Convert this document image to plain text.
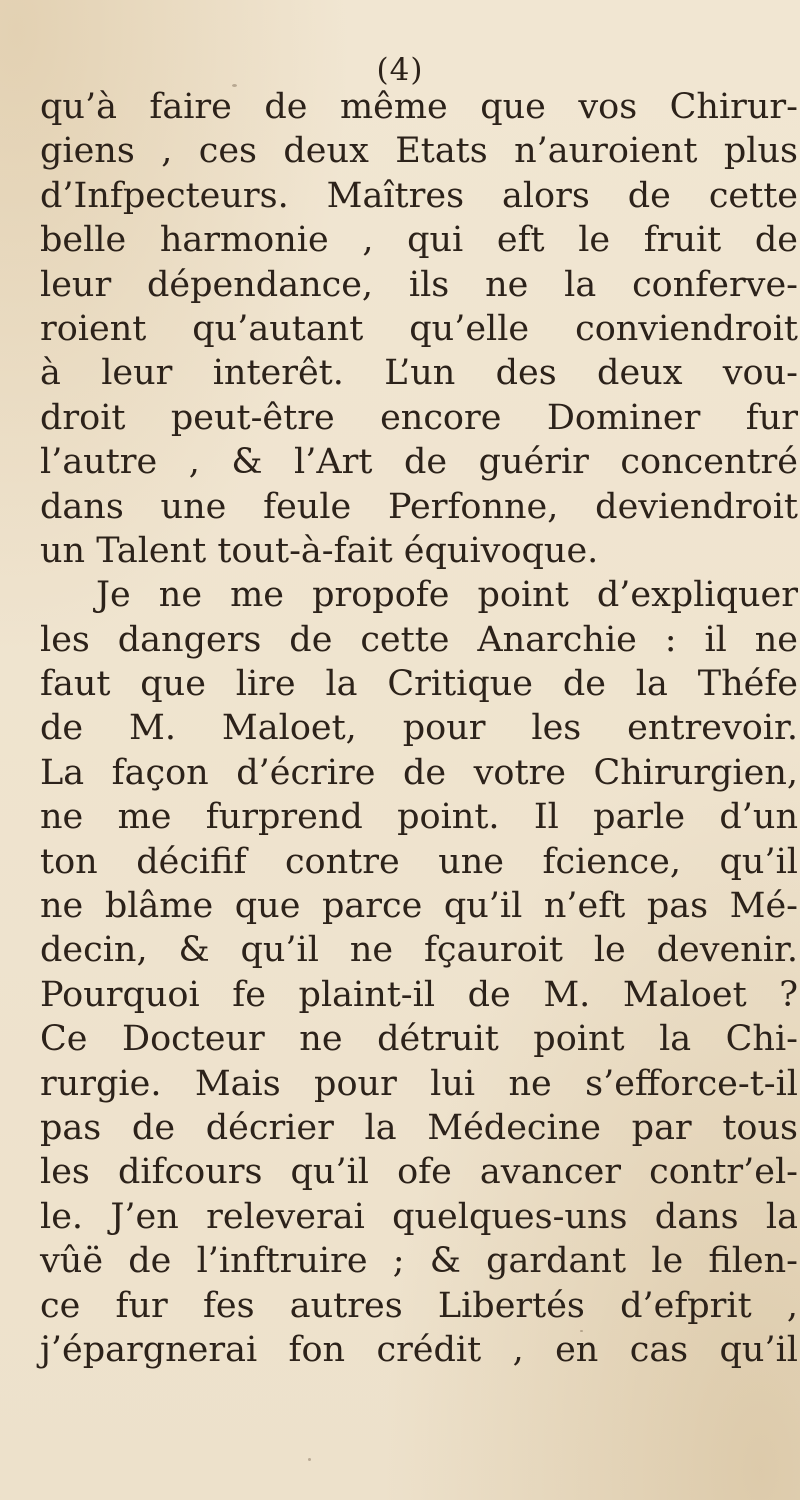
(4)
qu’à faire de même que vos Chirur-
giens , ces deux Etats n’auroient plus
d’Infpecteurs. Maîtres alors de cette
belle harmonie , qui eft le fruit de
leur dépendance, ils ne la conferve-
roient qu’autant qu’elle conviendroit
à leur interêt. L’un des deux vou-
droit peut-être encore Dominer fur
l’autre , & l’Art de guérir concentré
dans une feule Perfonne, deviendroit
un Talent tout-à-fait équivoque.
Je ne me propofe point d’expliquer
les dangers de cette Anarchie : il ne
faut que lire la Critique de la Théfe
de M. Maloet, pour les entrevoir.
La façon d’écrire de votre Chirurgien,
ne me furprend point. Il parle d’un
ton décifif contre une fcience, qu’il
ne blâme que parce qu’il n’eft pas Mé-
decin, & qu’il ne fçauroit le devenir.
Pourquoi fe plaint-il de M. Maloet ?
Ce Docteur ne détruit point la Chi-
rurgie. Mais pour lui ne s’efforce-t-il
pas de décrier la Médecine par tous
les difcours qu’il ofe avancer contr’el-
le. J’en releverai quelques-uns dans la
vûë de l’inftruire ; & gardant le filen-
ce fur fes autres Libertés d’efprit ,
j’épargnerai fon crédit , en cas qu’il
